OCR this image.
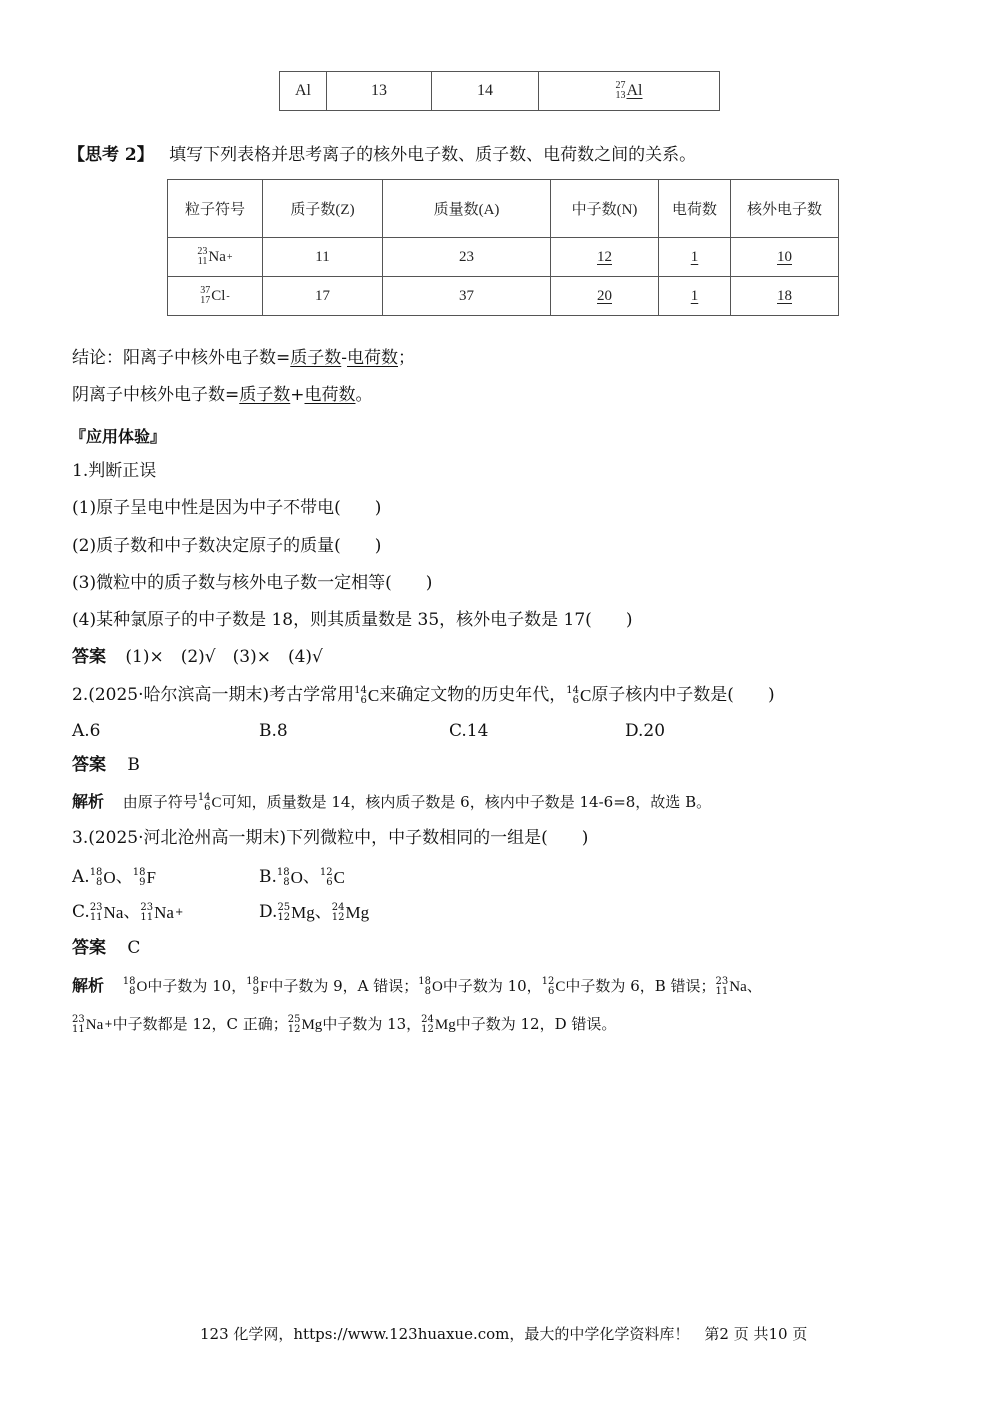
Al	13	14	27
13 Al
【思考 2】 填写下列表格并思考离子的核外电子数、质子数、电荷数之间的关系。
粒子符号	质子数(Z)	质量数(A)	中子数(N)	电荷数	核外电子数

23
11 Na +	11	23	12	1	10

37
17 Cl -	17	37	20	1	18
结论：阳离子中核外电子数=质子数-电荷数；
阴离子中核外电子数=质子数+电荷数。
『应用体验』
1.判断正误
(1)原子呈电中性是因为中子不带电(　　)
(2)质子数和中子数决定原子的质量(　　)
(3)微粒中的质子数与核外电子数一定相等(　　)
(4)某种氯原子的中子数是 18，则其质量数是 35，核外电子数是 17(　　)
答案 (1)×　(2)√　(3)×　(4)√
2.(2025·哈尔滨高一期末)考古学常用 14
6 C 来确定文物的历史年代， 14
6 C 原子核内中子数是(　　)
A.6	B.8	C.14	D.20
答案 B
解析 由原子符号 14
6 C 可知，质量数是 14，核内质子数是 6，核内中子数是 14-6=8，故选 B。
3.(2025·河北沧州高一期末)下列微粒中，中子数相同的一组是(　　)
A. 18
8 O 、 18
9 F	B. 18
8 O 、 12
6 C
C. 23
11 Na 、 23
11 Na +	D. 25
12 Mg 、 24
12 Mg
答案 C
解析 18
8 O 中子数为 10， 18
9 F 中子数为 9，A 错误； 18
8 O 中子数为 10， 12
6 C 中子数为 6，B 错误； 23
11 Na 、
23
11 Na + 中子数都是 12，C 正确； 25
12 Mg 中子数为 13， 24
12 Mg 中子数为 12，D 错误。
123 化学网，https://www.123huaxue.com，最大的中学化学资料库！　第2 页 共10 页
